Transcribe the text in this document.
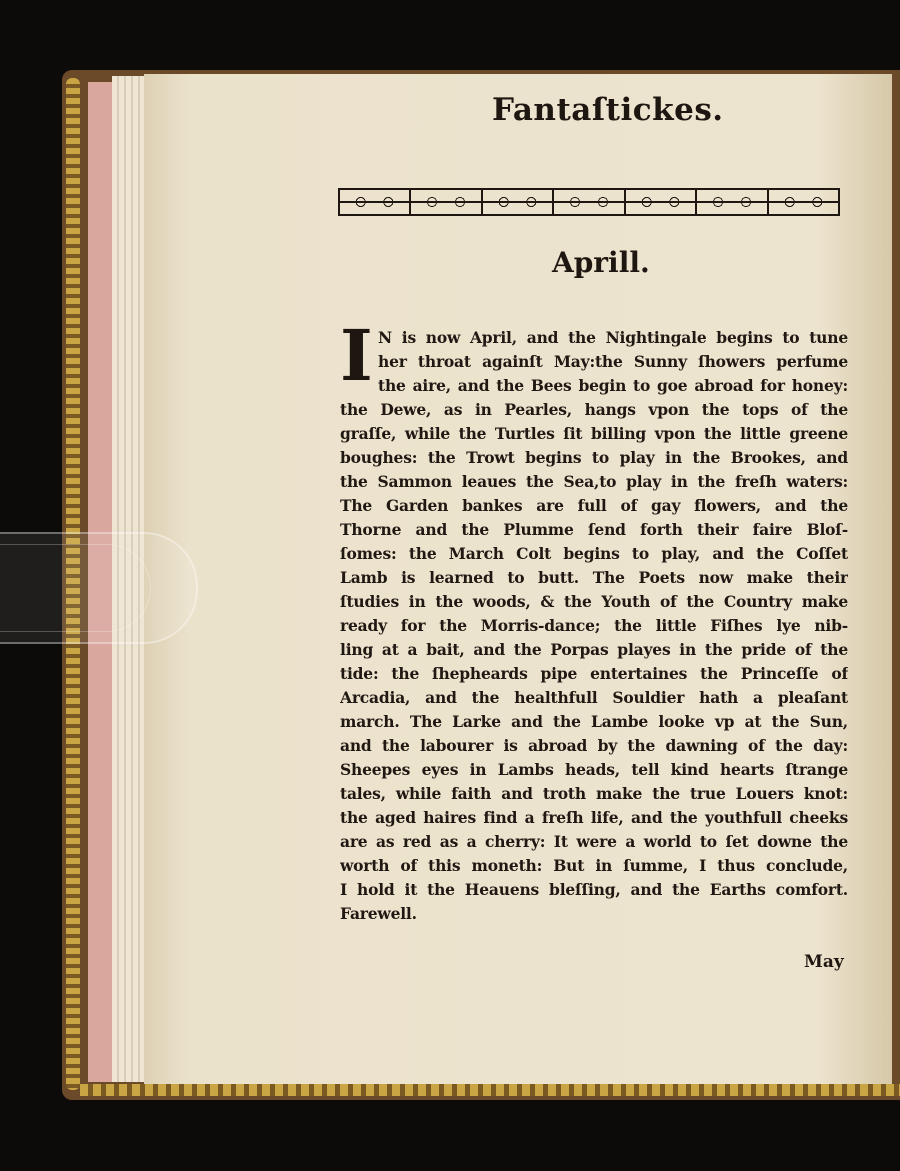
Fantaſtickes.
Aprill.
I N is now April, and the Nightingale begins to tune
her throat againſt May:the Sunny ſhowers perfume
the aire, and the Bees begin to goe abroad for honey:
the Dewe, as in Pearles, hangs vpon the tops of the
graſſe, while the Turtles ſit billing vpon the little greene
boughes: the Trowt begins to play in the Brookes, and
the Sammon leaues the Sea,to play in the freſh waters:
The Garden bankes are full of gay flowers, and the
Thorne and the Plumme ſend forth their faire Bloſ-
ſomes: the March Colt begins to play, and the Coſſet
Lamb is learned to butt. The Poets now make their
ſtudies in the woods, & the Youth of the Country make
ready for the Morris-dance; the little Fiſhes lye nib-
ling at a bait, and the Porpas playes in the pride of the
tide: the ſhepheards pipe entertaines the Princeſſe of
Arcadia, and the healthfull Souldier hath a pleaſant
march. The Larke and the Lambe looke vp at the Sun,
and the labourer is abroad by the dawning of the day:
Sheepes eyes in Lambs heads, tell kind hearts ſtrange
tales, while faith and troth make the true Louers knot:
the aged haires find a freſh life, and the youthfull cheeks
are as red as a cherry: It were a world to ſet downe the
worth of this moneth: But in ſumme, I thus conclude,
I hold it the Heauens bleſſing, and the Earths comfort.
Farewell.
May
